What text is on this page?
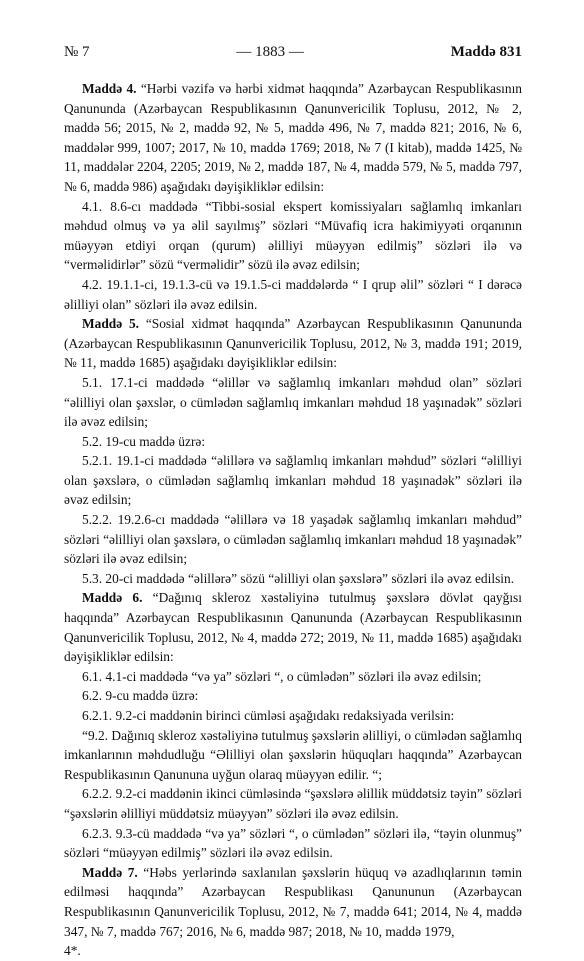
№ 7	— 1883 —	Maddə 831

Maddə 4. “Hərbi vəzifə və hərbi xidmət haqqında” Azərbaycan Respublikasının Qanununda (Azərbaycan Respublikasının Qanunvericilik Toplusu, 2012, № 2, maddə 56; 2015, № 2, maddə 92, № 5, maddə 496, № 7, maddə 821; 2016, № 6, maddələr 999, 1007; 2017, № 10, maddə 1769; 2018, № 7 (I kitab), maddə 1425, № 11, maddələr 2204, 2205; 2019, № 2, maddə 187, № 4, maddə 579, № 5, maddə 797, № 6, maddə 986) aşağıdakı dəyişikliklər edilsin:

4.1. 8.6-cı maddədə “Tibbi-sosial ekspert komissiyaları sağlamlıq imkanları məhdud olmuş və ya əlil sayılmış” sözləri “Müvafiq icra hakimiyyəti orqanının müəyyən etdiyi orqan (qurum) əlilliyi müəyyən edilmiş” sözləri ilə və “verməlidirlər” sözü “verməlidir” sözü ilə əvəz edilsin;

4.2. 19.1.1-ci, 19.1.3-cü və 19.1.5-ci maddələrdə “ I qrup əlil” sözləri “ I dərəcə əlilliyi olan” sözləri ilə əvəz edilsin.

Maddə 5. “Sosial xidmət haqqında” Azərbaycan Respublikasının Qanununda (Azərbaycan Respublikasının Qanunvericilik Toplusu, 2012, № 3, maddə 191; 2019, № 11, maddə 1685) aşağıdakı dəyişikliklər edilsin:

5.1. 17.1-ci maddədə “əlillər və sağlamlıq imkanları məhdud olan” sözləri “əlilliyi olan şəxslər, o cümlədən sağlamlıq imkanları məhdud 18 yaşınadək” sözləri ilə əvəz edilsin;

5.2. 19-cu maddə üzrə:

5.2.1. 19.1-ci maddədə “əlillərə və sağlamlıq imkanları məhdud” sözləri “əlilliyi olan şəxslərə, o cümlədən sağlamlıq imkanları məhdud 18 yaşınadək” sözləri ilə əvəz edilsin;

5.2.2. 19.2.6-cı maddədə “əlillərə və 18 yaşadək sağlamlıq imkanları məhdud” sözləri “əlilliyi olan şəxslərə, o cümlədən sağlamlıq imkanları məhdud 18 yaşınadək” sözləri ilə əvəz edilsin;

5.3. 20-ci maddədə “əlillərə” sözü “əlilliyi olan şəxslərə” sözləri ilə əvəz edilsin.

Maddə 6. “Dağınıq skleroz xəstəliyinə tutulmuş şəxslərə dövlət qayğısı haqqında” Azərbaycan Respublikasının Qanununda (Azərbaycan Respublikasının Qanunvericilik Toplusu, 2012, № 4, maddə 272; 2019, № 11, maddə 1685) aşağıdakı dəyişikliklər edilsin:

6.1. 4.1-ci maddədə “və ya” sözləri “, o cümlədən” sözləri ilə əvəz edilsin;

6.2. 9-cu maddə üzrə:

6.2.1. 9.2-ci maddənin birinci cümləsi aşağıdakı redaksiyada verilsin:

“9.2. Dağınıq skleroz xəstəliyinə tutulmuş şəxslərin əlilliyi, o cümlədən sağlamlıq imkanlarının məhdudluğu “Əlilliyi olan şəxslərin hüquqları haqqında” Azərbaycan Respublikasının Qanununa uyğun olaraq müəyyən edilir. “;

6.2.2. 9.2-ci maddənin ikinci cümləsində “şəxslərə əlillik müddətsiz təyin” sözləri “şəxslərin əlilliyi müddətsiz müəyyən” sözləri ilə əvəz edilsin.

6.2.3. 9.3-cü maddədə “və ya” sözləri “, o cümlədən” sözləri ilə, “təyin olunmuş” sözləri “müəyyən edilmiş” sözləri ilə əvəz edilsin.

Maddə 7. “Həbs yerlərində saxlanılan şəxslərin hüquq və azadlıqlarının təmin edilməsi haqqında” Azərbaycan Respublikası Qanununun (Azərbaycan Respublikasının Qanunvericilik Toplusu, 2012, № 7, maddə 641; 2014, № 4, maddə 347, № 7, maddə 767; 2016, № 6, maddə 987; 2018, № 10, maddə 1979,

4*.
